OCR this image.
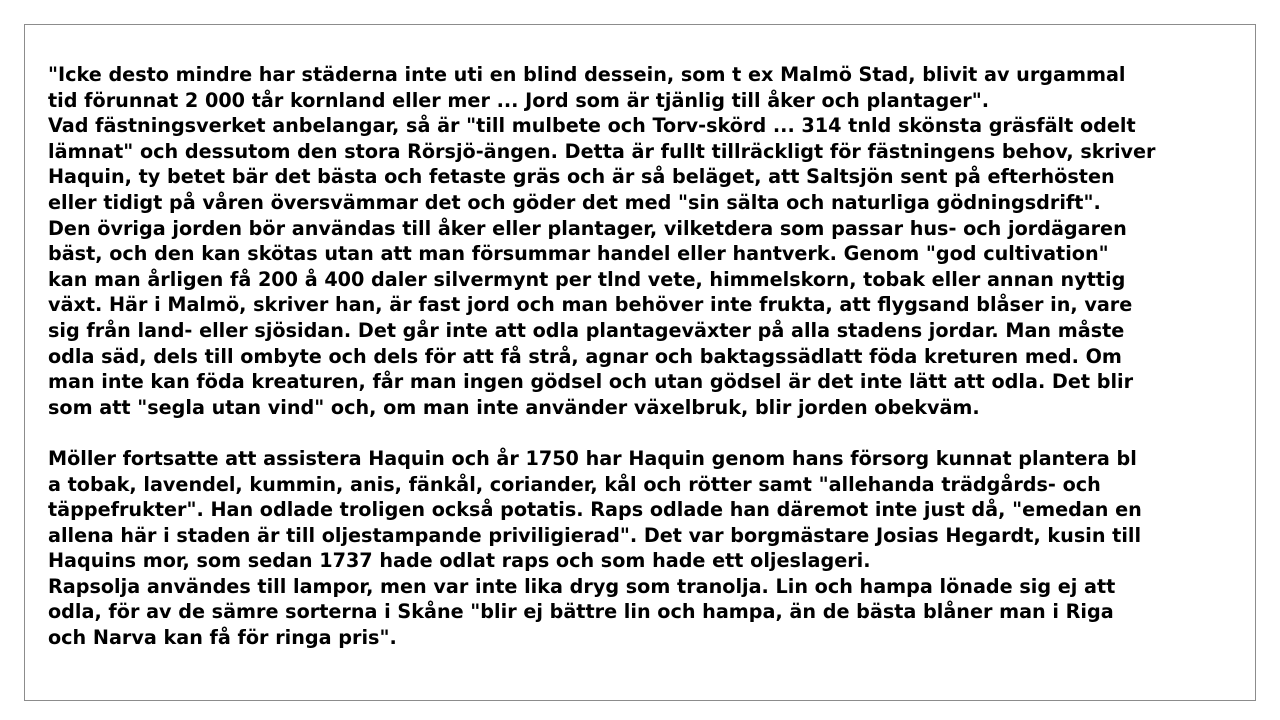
"Icke desto mindre har städerna inte uti en blind dessein, som t ex Malmö Stad, blivit av urgammal
tid förunnat 2 000 tår kornland eller mer ... Jord som är tjänlig till åker och plantager".
Vad fästningsverket anbelangar, så är "till mulbete och Torv-skörd ... 314 tnld skönsta gräsfält odelt
lämnat" och dessutom den stora Rörsjö-ängen. Detta är fullt tillräckligt för fästningens behov, skriver
Haquin, ty betet bär det bästa och fetaste gräs och är så beläget, att Saltsjön sent på efterhösten
eller tidigt på våren översvämmar det och göder det med "sin sälta och naturliga gödningsdrift".
Den övriga jorden bör användas till åker eller plantager, vilketdera som passar hus- och jordägaren
bäst, och den kan skötas utan att man försummar handel eller hantverk. Genom "god cultivation"
kan man årligen få 200 å 400 daler silvermynt per tlnd vete, himmelskorn, tobak eller annan nyttig
växt. Här i Malmö, skriver han, är fast jord och man behöver inte frukta, att flygsand blåser in, vare
sig från land- eller sjösidan. Det går inte att odla plantageväxter på alla stadens jordar. Man måste
odla säd, dels till ombyte och dels för att få strå, agnar och baktagssädlatt föda kreturen med. Om
man inte kan föda kreaturen, får man ingen gödsel och utan gödsel är det inte lätt att odla. Det blir
som att "segla utan vind" och, om man inte använder växelbruk, blir jorden obekväm.
Möller fortsatte att assistera Haquin och år 1750 har Haquin genom hans försorg kunnat plantera bl
a tobak, lavendel, kummin, anis, fänkål, coriander, kål och rötter samt "allehanda trädgårds- och
täppefrukter". Han odlade troligen också potatis. Raps odlade han däremot inte just då, "emedan en
allena här i staden är till oljestampande priviligierad". Det var borgmästare Josias Hegardt, kusin till
Haquins mor, som sedan 1737 hade odlat raps och som hade ett oljeslageri.
Rapsolja användes till lampor, men var inte lika dryg som tranolja. Lin och hampa lönade sig ej att
odla, för av de sämre sorterna i Skåne "blir ej bättre lin och hampa, än de bästa blåner man i Riga
och Narva kan få för ringa pris".
